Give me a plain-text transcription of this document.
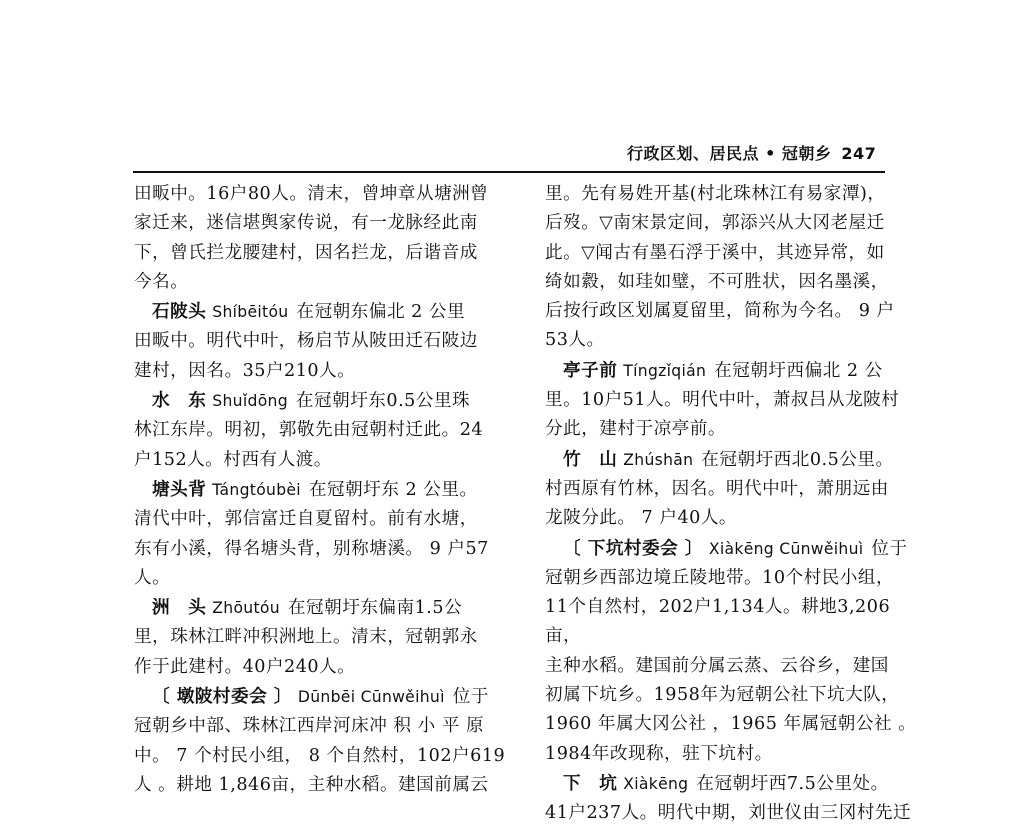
行政区划、居民点 • 冠朝乡 247
田畈中。16户80人。清末，曾坤章从塘洲曾
家迁来，迷信堪舆家传说，有一龙脉经此南
下，曾氏拦龙腰建村，因名拦龙，后谐音成
今名。
石陂头 Shíbēitóu 在冠朝东偏北 2 公里
田畈中。明代中叶，杨启节从陂田迁石陂边
建村，因名。35户210人。
水　东 Shuǐdōng 在冠朝圩东0.5公里珠
林江东岸。明初，郭敬先由冠朝村迁此。24
户152人。村西有人渡。
塘头背 Tángtóubèi 在冠朝圩东 2 公里。
清代中叶，郭信富迁自夏留村。前有水塘，
东有小溪，得名塘头背，别称塘溪。 9 户57
人。
洲　头 Zhōutóu 在冠朝圩东偏南1.5公
里，珠林江畔冲积洲地上。清末，冠朝郭永
作于此建村。40户240人。
〔 墩陂村委会 〕 Dūnbēi Cūnwěihuì 位于
冠朝乡中部、珠林江西岸河床冲 积 小 平 原
中。 7 个村民小组， 8 个自然村，102户619
人 。耕地 1,846亩，主种水稻。建国前属云
里。先有易姓开基(村北珠林江有易家潭)，
后歿。▽南宋景定间，郭添兴从大冈老屋迁
此。▽闻古有墨石浮于溪中，其迹异常，如
绮如縠，如珪如璧，不可胜状，因名墨溪，
后按行政区划属夏留里，简称为今名。 9 户
53人。
亭子前 Tíngzǐqián 在冠朝圩西偏北 2 公
里。10户51人。明代中叶，萧叔吕从龙陂村
分此，建村于凉亭前。
竹　山 Zhúshān 在冠朝圩西北0.5公里。
村西原有竹林，因名。明代中叶，萧朋远由
龙陂分此。 7 户40人。
〔 下坑村委会 〕 Xiàkēng Cūnwěihuì 位于
冠朝乡西部边境丘陵地带。10个村民小组，
11个自然村，202户1,134人。耕地3,206亩，
主种水稻。建国前分属云蒸、云谷乡，建国
初属下坑乡。1958年为冠朝公社下坑大队，
1960 年属大冈公社 ，1965 年属冠朝公社 。
1984年改现称，驻下坑村。
下　坑 Xiàkēng 在冠朝圩西7.5公里处。
41户237人。明代中期，刘世仪由三冈村先迁
